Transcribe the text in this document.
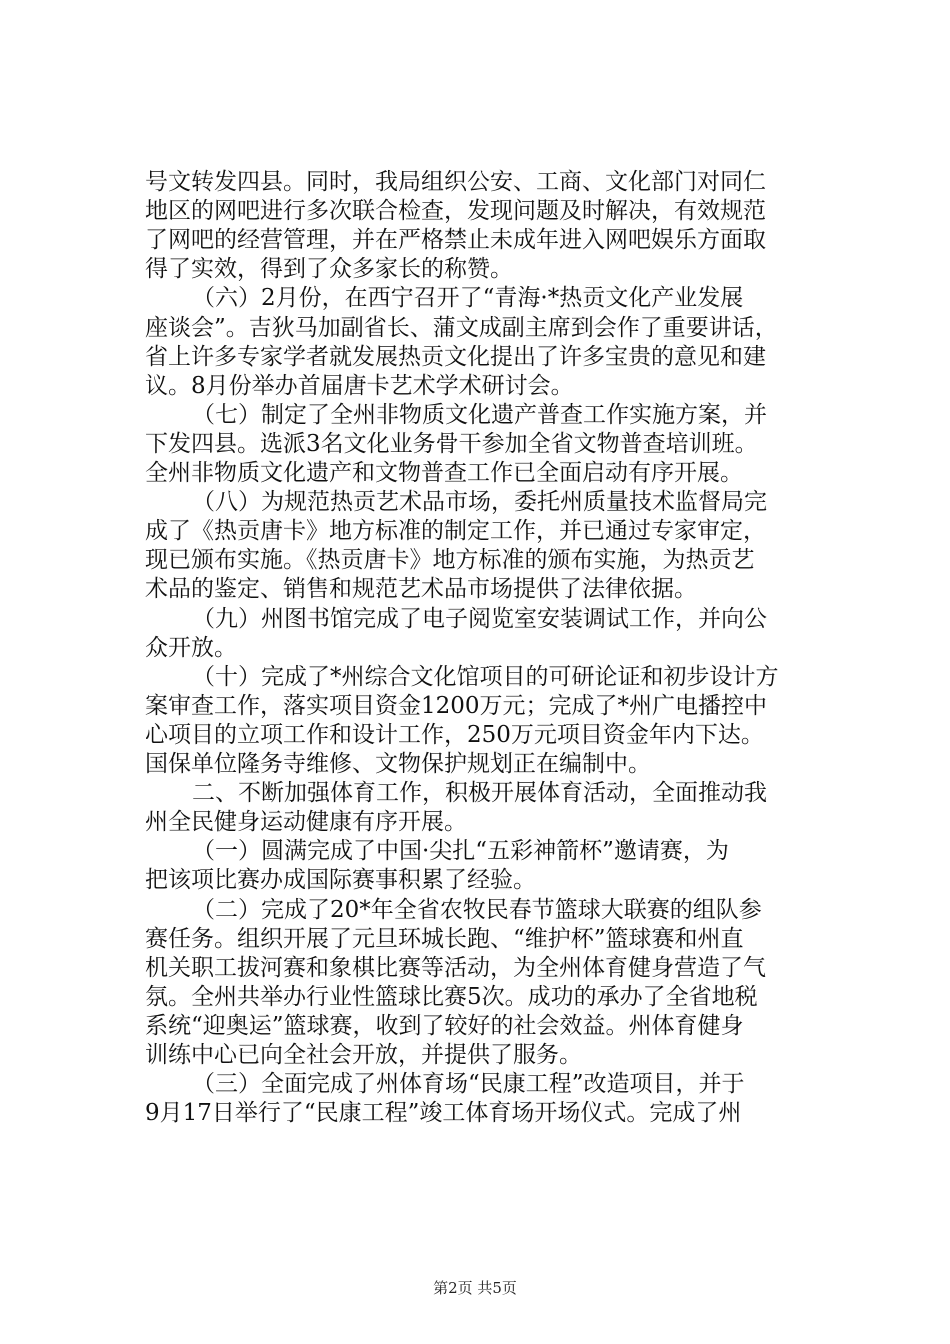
号文转发四县。同时，我局组织公安、工商、文化部门对同仁
地区的网吧进行多次联合检查，发现问题及时解决，有效规范
了网吧的经营管理，并在严格禁止未成年进入网吧娱乐方面取
得了实效，得到了众多家长的称赞。
（六）2月份，在西宁召开了“青海·*热贡文化产业发展
座谈会”。吉狄马加副省长、蒲文成副主席到会作了重要讲话，
省上许多专家学者就发展热贡文化提出了许多宝贵的意见和建
议。8月份举办首届唐卡艺术学术研讨会。
（七）制定了全州非物质文化遗产普查工作实施方案，并
下发四县。选派3名文化业务骨干参加全省文物普查培训班。
全州非物质文化遗产和文物普查工作已全面启动有序开展。
（八）为规范热贡艺术品市场，委托州质量技术监督局完
成了《热贡唐卡》地方标准的制定工作，并已通过专家审定，
现已颁布实施。《热贡唐卡》地方标准的颁布实施，为热贡艺
术品的鉴定、销售和规范艺术品市场提供了法律依据。
（九）州图书馆完成了电子阅览室安装调试工作，并向公
众开放。
（十）完成了*州综合文化馆项目的可研论证和初步设计方
案审查工作，落实项目资金1200万元；完成了*州广电播控中
心项目的立项工作和设计工作，250万元项目资金年内下达。
国保单位隆务寺维修、文物保护规划正在编制中。
二、不断加强体育工作，积极开展体育活动，全面推动我
州全民健身运动健康有序开展。
（一）圆满完成了中国·尖扎“五彩神箭杯”邀请赛，为
把该项比赛办成国际赛事积累了经验。
（二）完成了20*年全省农牧民春节篮球大联赛的组队参
赛任务。组织开展了元旦环城长跑、“维护杯”篮球赛和州直
机关职工拔河赛和象棋比赛等活动，为全州体育健身营造了气
氛。全州共举办行业性篮球比赛5次。成功的承办了全省地税
系统“迎奥运”篮球赛，收到了较好的社会效益。州体育健身
训练中心已向全社会开放，并提供了服务。
（三）全面完成了州体育场“民康工程”改造项目，并于
9月17日举行了“民康工程”竣工体育场开场仪式。完成了州
第2页 共5页
